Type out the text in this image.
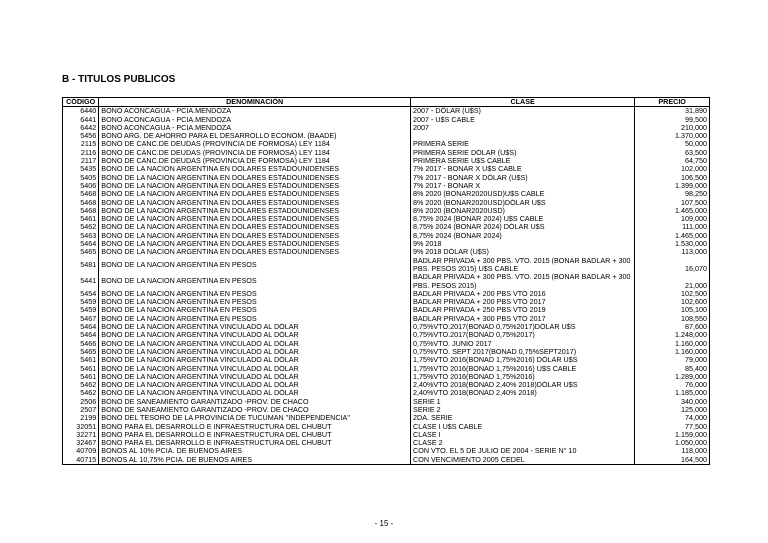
B - TITULOS PUBLICOS
CÓDIGO	DENOMINACIÓN	CLASE	PRECIO
6440	BONO ACONCAGUA - PCIA.MENDOZA	2007 - DÓLAR (U$S)	31,890
6441	BONO ACONCAGUA - PCIA.MENDOZA	2007 - U$S CABLE	99,500
6442	BONO ACONCAGUA - PCIA.MENDOZA	2007	210,000
5456	BONO ARG. DE AHORRO PARA EL DESARROLLO ECONOM. (BAADE)		1.370,000
2115	BONO DE CANC.DE DEUDAS (PROVINCIA DE FORMOSA) LEY 1184	PRIMERA SERIE	50,000
2116	BONO DE CANC.DE DEUDAS (PROVINCIA DE FORMOSA) LEY 1184	PRIMERA SERIE DÓLAR (U$S)	63,500
2117	BONO DE CANC.DE DEUDAS (PROVINCIA DE FORMOSA) LEY 1184	PRIMERA SERIE U$S CABLE	64,750
5435	BONO DE LA NACION ARGENTINA EN DOLARES ESTADOUNIDENSES	7% 2017 - BONAR X U$S CABLE	102,000
5405	BONO DE LA NACION ARGENTINA EN DOLARES ESTADOUNIDENSES	7% 2017 - BONAR X DÓLAR (U$S)	106,500
5406	BONO DE LA NACION ARGENTINA EN DOLARES ESTADOUNIDENSES	7% 2017 - BONAR X	1.399,000
5468	BONO DE LA NACION ARGENTINA EN DOLARES ESTADOUNIDENSES	8% 2020 (BONAR2020USD)U$S CABLE	98,250
5468	BONO DE LA NACION ARGENTINA EN DOLARES ESTADOUNIDENSES	8% 2020 (BONAR2020USD)DÓLAR U$S	107,500
5468	BONO DE LA NACION ARGENTINA EN DOLARES ESTADOUNIDENSES	8% 2020 (BONAR2020USD)	1.465,000
5461	BONO DE LA NACION ARGENTINA EN DOLARES ESTADOUNIDENSES	8,75% 2024 (BONAR 2024) U$S CABLE	109,000
5462	BONO DE LA NACION ARGENTINA EN DOLARES ESTADOUNIDENSES	8,75% 2024 (BONAR 2024) DÓLAR U$S	111,000
5463	BONO DE LA NACION ARGENTINA EN DOLARES ESTADOUNIDENSES	8,75% 2024 (BONAR 2024)	1.465,000
5464	BONO DE LA NACION ARGENTINA EN DOLARES ESTADOUNIDENSES	9% 2018	1.530,000
5465	BONO DE LA NACION ARGENTINA EN DOLARES ESTADOUNIDENSES	9% 2018 DÓLAR (U$S)	113,000
5481	BONO DE LA NACION ARGENTINA EN PESOS	BADLAR PRIVADA + 300 PBS. VTO. 2015 (BONAR BADLAR + 300 PBS. PESOS 2015) U$S CABLE	16,070
5441	BONO DE LA NACION ARGENTINA EN PESOS	BADLAR PRIVADA + 300 PBS. VTO. 2015 (BONAR BADLAR + 300 PBS. PESOS 2015)	21,000
5454	BONO DE LA NACION ARGENTINA EN PESOS	BADLAR PRIVADA + 200 PBS VTO 2016	102,500
5459	BONO DE LA NACION ARGENTINA EN PESOS	BADLAR PRIVADA + 200 PBS VTO 2017	102,600
5459	BONO DE LA NACION ARGENTINA EN PESOS	BADLAR PRIVADA + 250 PBS VTO 2019	105,100
5467	BONO DE LA NACION ARGENTINA EN PESOS	BADLAR PRIVADA + 300 PBS VTO 2017	108,550
5464	BONO DE LA NACION ARGENTINA VINCULADO AL DÓLAR	0,75%VTO.2017(BONAD 0,75%2017)DÓLAR U$S	87,600
5464	BONO DE LA NACION ARGENTINA VINCULADO AL DÓLAR	0,75%VTO.2017(BONAD 0,75%2017)	1.248,000
5466	BONO DE LA NACION ARGENTINA VINCULADO AL DÓLAR	0,75%VTO. JUNIO 2017	1.160,000
5465	BONO DE LA NACION ARGENTINA VINCULADO AL DÓLAR	0,75%VTO. SEPT 2017(BONAD 0,75%SEPT2017)	1.160,000
5461	BONO DE LA NACION ARGENTINA VINCULADO AL DÓLAR	1,75%VTO 2016(BONAD 1,75%2016) DÓLAR U$S	79,000
5461	BONO DE LA NACION ARGENTINA VINCULADO AL DÓLAR	1,75%VTO 2016(BONAD 1,75%2016) U$S CABLE	85,400
5461	BONO DE LA NACION ARGENTINA VINCULADO AL DÓLAR	1,75%VTO 2016(BONAD 1,75%2016)	1.289,000
5462	BONO DE LA NACION ARGENTINA VINCULADO AL DÓLAR	2,40%VTO 2018(BONAD 2,40% 2018)DÓLAR U$S	76,000
5462	BONO DE LA NACION ARGENTINA VINCULADO AL DÓLAR	2,40%VTO 2018(BONAD 2,40% 2018)	1.185,000
2506	BONO DE SANEAMIENTO GARANTIZADO -PROV. DE CHACO	SERIE 1	340,000
2507	BONO DE SANEAMIENTO GARANTIZADO -PROV. DE CHACO	SERIE 2	125,000
2199	BONO DEL TESORO DE LA PROVINCIA DE TUCUMAN "INDEPENDENCIA"	2DA. SERIE	74,000
32051	BONO PARA EL DESARROLLO E INFRAESTRUCTURA DEL CHUBUT	CLASE I U$S CABLE	77,500
32271	BONO PARA EL DESARROLLO E INFRAESTRUCTURA DEL CHUBUT	CLASE I	1.159,000
32467	BONO PARA EL DESARROLLO E INFRAESTRUCTURA DEL CHUBUT	CLASE 2	1.050,000
40709	BONOS AL 10% PCIA. DE BUENOS AIRES	CON VTO. EL 5 DE JULIO DE 2004 - SERIE N° 10	118,000
40715	BONOS AL 10,75% PCIA. DE BUENOS AIRES	CON VENCIMIENTO 2005 CEDEL	164,500
- 15 -
